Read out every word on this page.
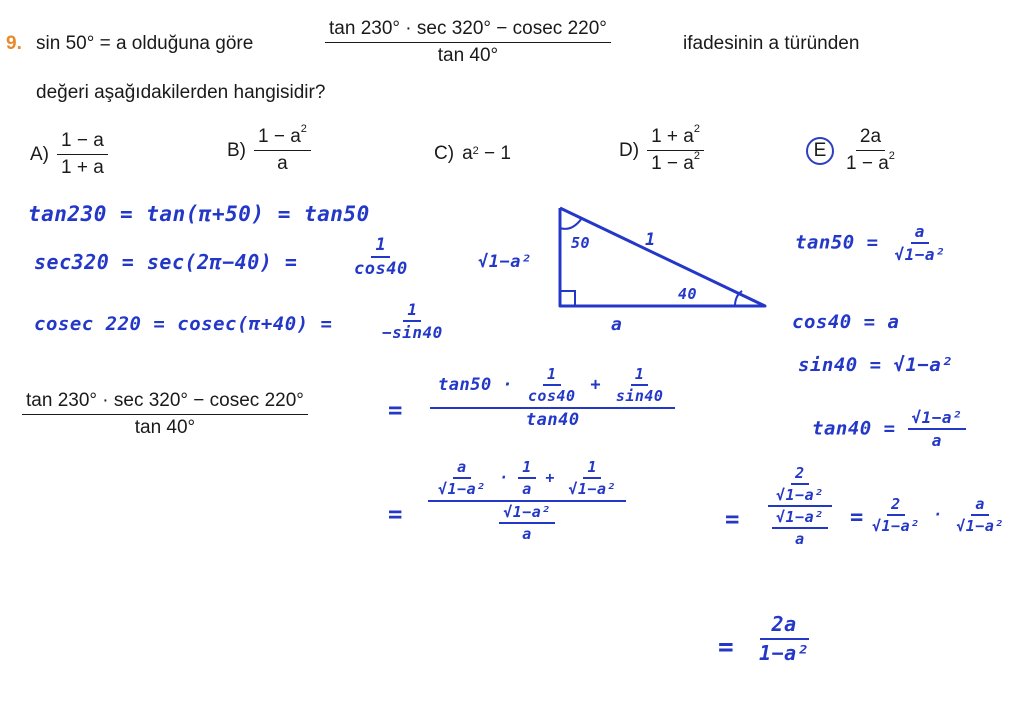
9. sin 50° = a olduğuna göre	$\frac{\tan 230^\circ \cdot \sec 320^\circ - cosec 220^\circ}{\tan 40^\circ}$	ifadesinin a türünden
değeri aşağıdakilerden hangisidir?
$A) \frac{1 - a}{1 + a}$	$B) \frac{1 - a^2}{a}$	C) $a^2 - 1$	$D) \frac{1 + a^2}{1 - a^2}$	E $\frac{2a}{1 - a^2}$
tan230 = tan(π+50) = tan50
sec320 = sec(2π−40) =	$\frac{1}{\cos 40}$
cosec 220 = cosec(π+40) =	$\frac{1}{-\sin 40}$
√1−a²
50	1
40
a
$\tan 50 = \frac{a}{\text{√1−a²}}$
cos40 = a
sin40 = √1−a²
$\tan 40 = \frac{\text{√1−a²}}{a}$
$\frac{\tan 230^\circ \cdot \sec 320^\circ - cosec 220^\circ}{\tan 40^\circ}$	= $\frac{\tan 50 \cdot \frac{1}{\cos 40} + \frac{1}{\sin 40}}{\tan 40}$
= $\frac{\frac{a}{\text{√1−a²}} \cdot \frac{1}{a} + \frac{1}{\text{√1−a²}}}{\frac{\text{√1−a²}}{a}}$	= $\frac{\frac{2}{\text{√1−a²}}}{\frac{\text{√1−a²}}{a}} = \frac{2}{\text{√1−a²}} \cdot \frac{a}{\text{√1−a²}}$
= $\frac{2a}{\text{1−a²}}$
